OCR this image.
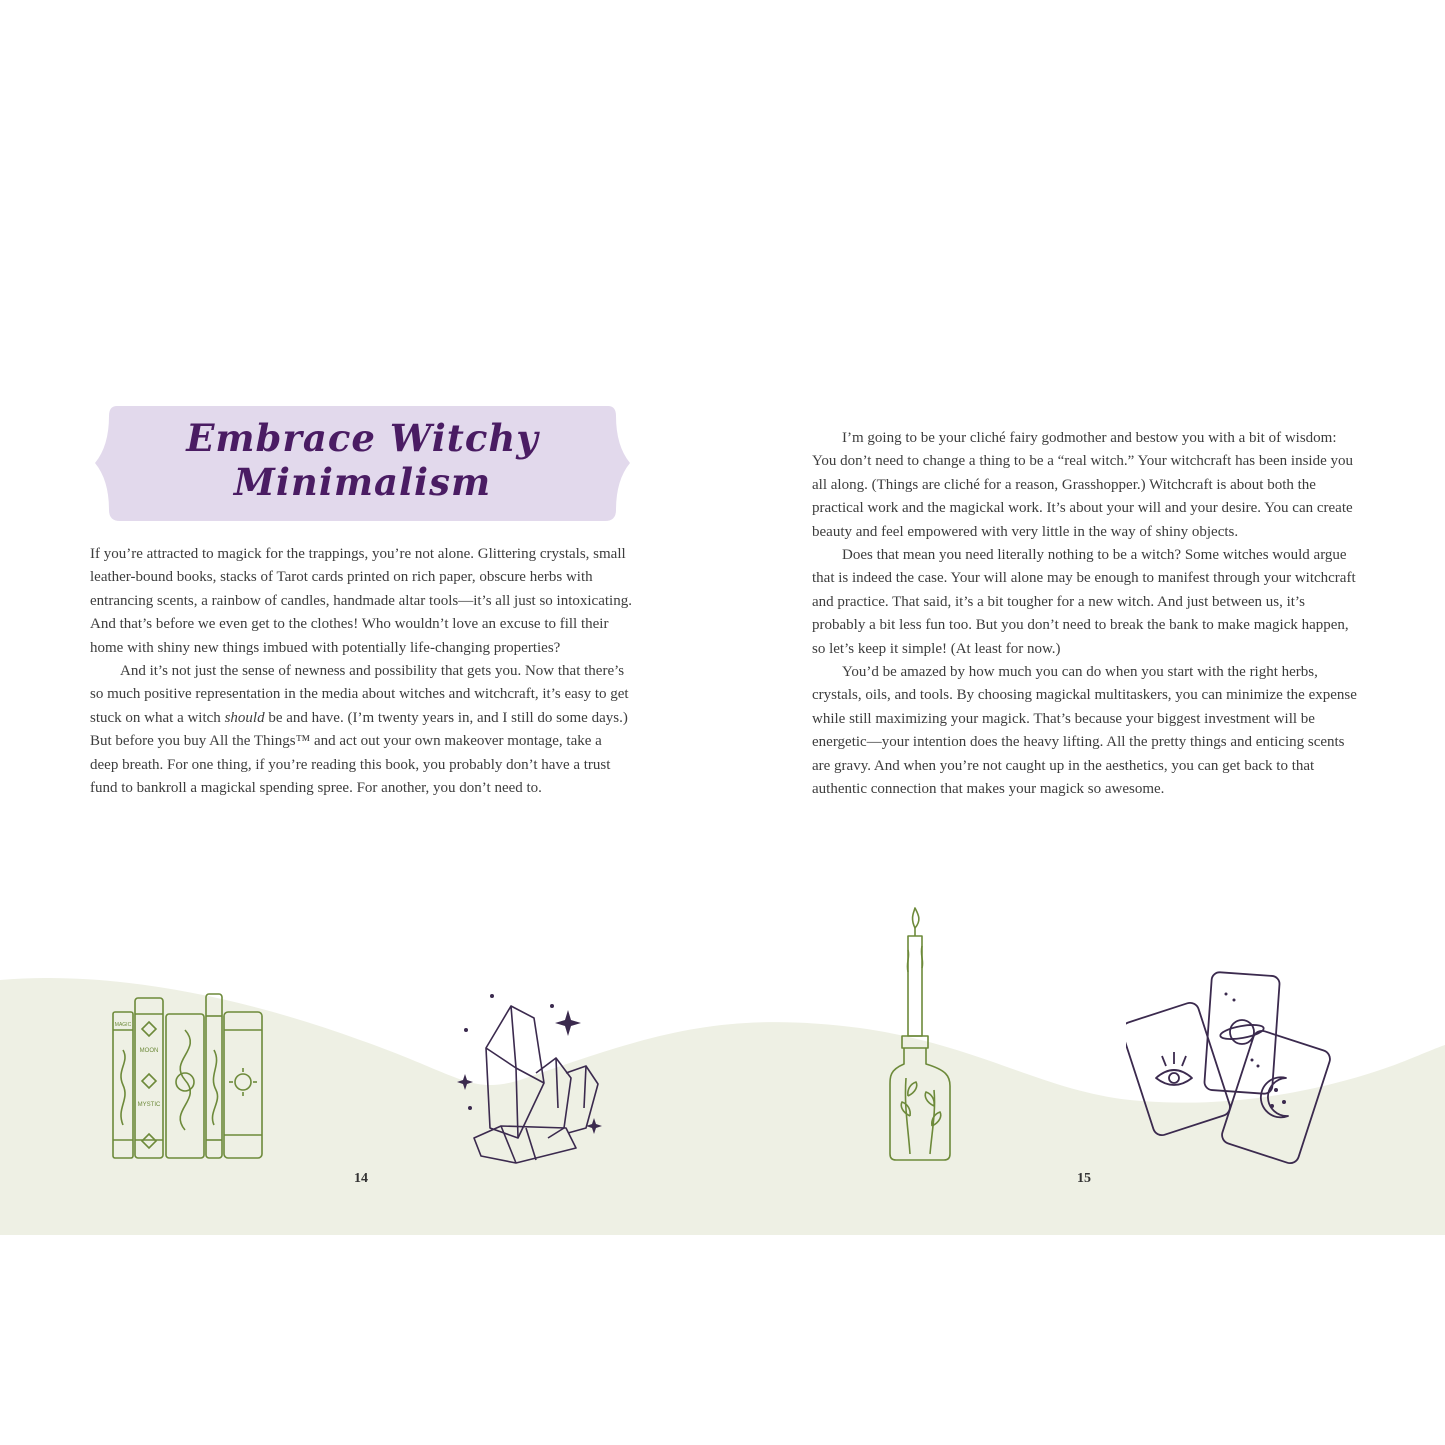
Embrace Witchy
Minimalism

If you’re attracted to magick for the trappings, you’re not alone. Glittering crystals, small leather-bound books, stacks of Tarot cards printed on rich paper, obscure herbs with entrancing scents, a rainbow of candles, handmade altar tools—it’s all just so intoxicating. And that’s before we even get to the clothes! Who wouldn’t love an excuse to fill their home with shiny new things imbued with potentially life-changing properties?

And it’s not just the sense of newness and possibility that gets you. Now that there’s so much positive representation in the media about witches and witchcraft, it’s easy to get stuck on what a witch should be and have. (I’m twenty years in, and I still do some days.) But before you buy All the Things™ and act out your own makeover montage, take a deep breath. For one thing, if you’re reading this book, you probably don’t have a trust fund to bankroll a magickal spending spree. For another, you don’t need to.

I’m going to be your cliché fairy godmother and bestow you with a bit of wisdom: You don’t need to change a thing to be a “real witch.” Your witchcraft has been inside you all along. (Things are cliché for a reason, Grasshopper.) Witchcraft is about both the practical work and the magickal work. It’s about your will and your desire. You can create beauty and feel empowered with very little in the way of shiny objects.

Does that mean you need literally nothing to be a witch? Some witches would argue that is indeed the case. Your will alone may be enough to manifest through your witchcraft and practice. That said, it’s a bit tougher for a new witch. And just between us, it’s probably a bit less fun too. But you don’t need to break the bank to make magick happen, so let’s keep it simple! (At least for now.)

You’d be amazed by how much you can do when you start with the right herbs, crystals, oils, and tools. By choosing magickal multitaskers, you can minimize the expense while still maximizing your magick. That’s because your biggest investment will be energetic—your intention does the heavy lifting. All the pretty things and enticing scents are gravy. And when you’re not caught up in the aesthetics, you can get back to that authentic connection that makes your magick so awesome.

MOON
MYSTIC
MAGIC
14	15
